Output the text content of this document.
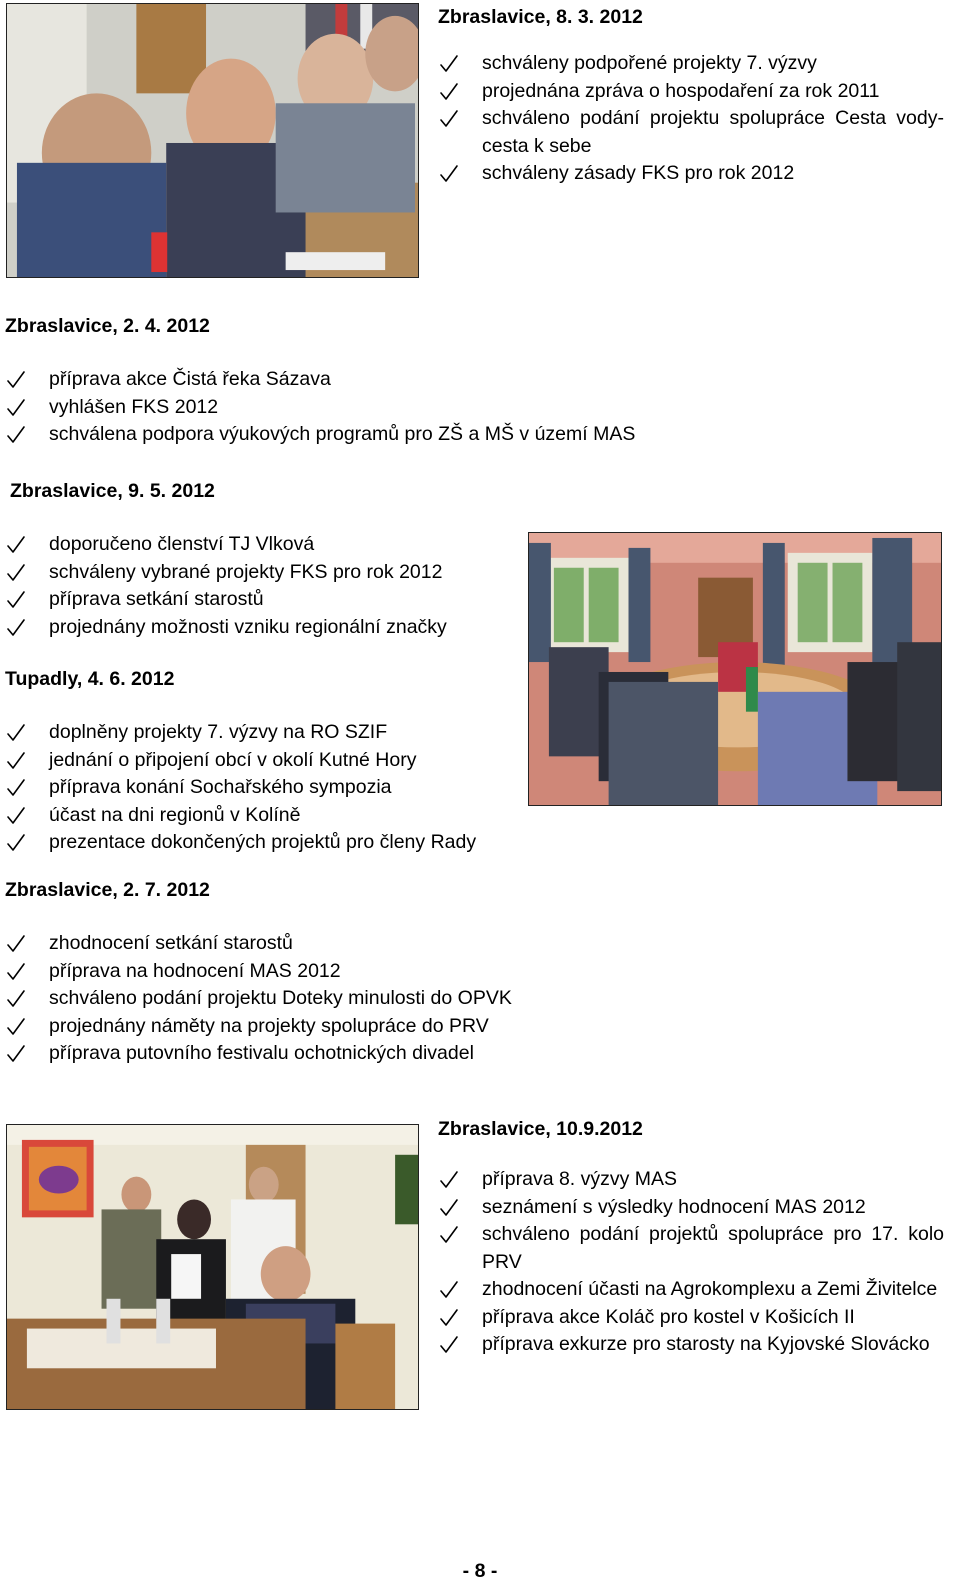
Zbraslavice, 8. 3. 2012
schváleny podpořené projekty 7. výzvy
projednána zpráva o hospodaření za rok 2011
schváleno podání projektu spolupráce Cesta vody- cesta k sebe
schváleny zásady FKS pro rok 2012
Zbraslavice, 2. 4. 2012
příprava akce Čistá řeka Sázava
vyhlášen FKS 2012
schválena podpora výukových programů pro ZŠ a MŠ v území MAS
Zbraslavice, 9. 5. 2012
doporučeno členství TJ Vlková
schváleny vybrané projekty FKS pro rok 2012
příprava setkání starostů
projednány možnosti vzniku regionální značky
Tupadly, 4. 6. 2012
doplněny projekty 7. výzvy na RO SZIF
jednání o připojení obcí v okolí Kutné Hory
příprava konání Sochařského sympozia
účast na dni regionů v Kolíně
prezentace dokončených projektů pro členy Rady
Zbraslavice, 2. 7. 2012
zhodnocení setkání starostů
příprava na hodnocení MAS 2012
schváleno podání projektu Doteky minulosti do OPVK
projednány náměty na projekty spolupráce do PRV
příprava putovního festivalu ochotnických divadel
Zbraslavice, 10.9.2012
příprava 8. výzvy MAS
seznámení s výsledky hodnocení MAS 2012
schváleno podání projektů spolupráce pro 17. kolo PRV
zhodnocení účasti na Agrokomplexu a Zemi Živitelce
příprava akce Koláč pro kostel v Košicích II
příprava exkurze pro starosty na Kyjovské Slovácko
- 8 -
